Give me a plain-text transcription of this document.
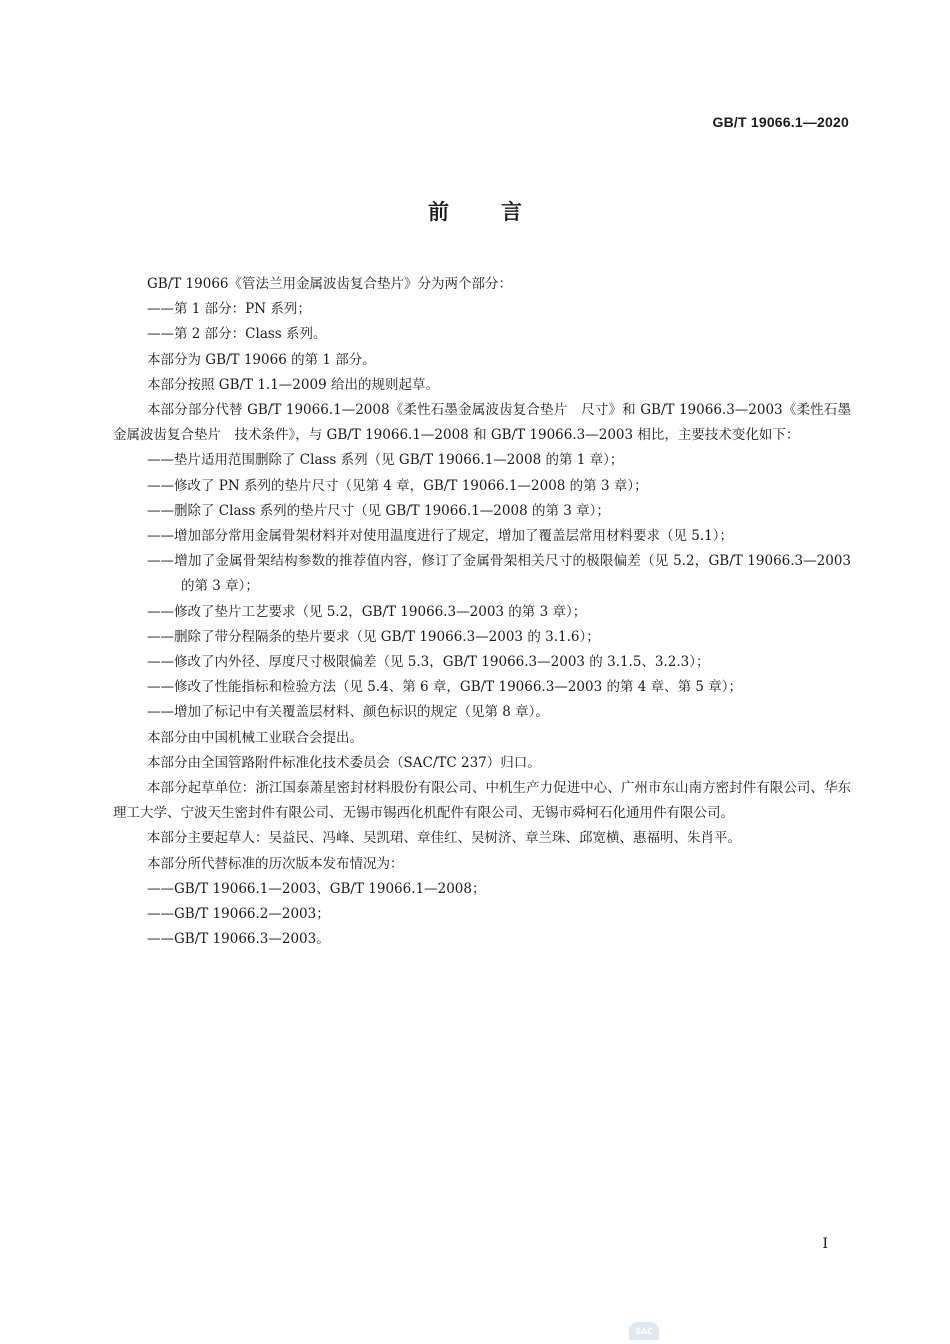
GB/T 19066.1—2020
前言
GB/T 19066《管法兰用金属波齿复合垫片》分为两个部分：
——第 1 部分：PN 系列；
——第 2 部分：Class 系列。
本部分为 GB/T 19066 的第 1 部分。
本部分按照 GB/T 1.1—2009 给出的规则起草。
本部分部分代替 GB/T 19066.1—2008《柔性石墨金属波齿复合垫片　尺寸》和 GB/T 19066.3—2003《柔性石墨金属波齿复合垫片　技术条件》，与 GB/T 19066.1—2008 和 GB/T 19066.3—2003 相比，主要技术变化如下：
——垫片适用范围删除了 Class 系列（见 GB/T 19066.1—2008 的第 1 章）；
——修改了 PN 系列的垫片尺寸（见第 4 章，GB/T 19066.1—2008 的第 3 章）；
——删除了 Class 系列的垫片尺寸（见 GB/T 19066.1—2008 的第 3 章）；
——增加部分常用金属骨架材料并对使用温度进行了规定，增加了覆盖层常用材料要求（见 5.1）；
——增加了金属骨架结构参数的推荐值内容，修订了金属骨架相关尺寸的极限偏差（见 5.2，GB/T 19066.3—2003 的第 3 章）；
——修改了垫片工艺要求（见 5.2，GB/T 19066.3—2003 的第 3 章）；
——删除了带分程隔条的垫片要求（见 GB/T 19066.3—2003 的 3.1.6）；
——修改了内外径、厚度尺寸极限偏差（见 5.3，GB/T 19066.3—2003 的 3.1.5、3.2.3）；
——修改了性能指标和检验方法（见 5.4、第 6 章，GB/T 19066.3—2003 的第 4 章、第 5 章）；
——增加了标记中有关覆盖层材料、颜色标识的规定（见第 8 章）。
本部分由中国机械工业联合会提出。
本部分由全国管路附件标准化技术委员会（SAC/TC 237）归口。
本部分起草单位：浙江国泰萧星密封材料股份有限公司、中机生产力促进中心、广州市东山南方密封件有限公司、华东理工大学、宁波天生密封件有限公司、无锡市锡西化机配件有限公司、无锡市舜柯石化通用件有限公司。
本部分主要起草人：吴益民、冯峰、吴凯珺、章佳红、吴树济、章兰珠、邱宽横、惠福明、朱肖平。
本部分所代替标准的历次版本发布情况为：
——GB/T 19066.1—2003、GB/T 19066.1—2008；
——GB/T 19066.2—2003；
——GB/T 19066.3—2003。
I
SAC
